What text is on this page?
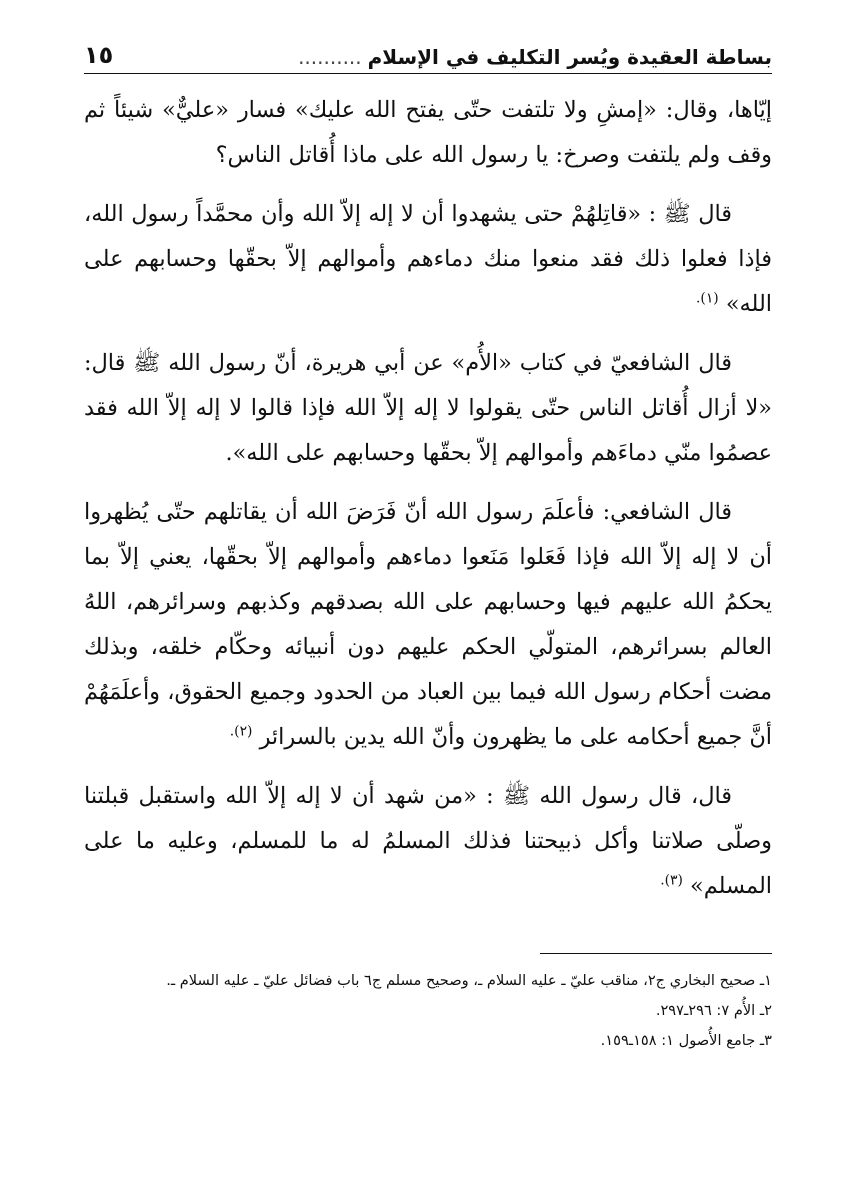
بساطة العقيدة ويُسر التكليف في الإسلام..........
١٥

إيّاها، وقال: «إمشِ ولا تلتفت حتّى يفتح الله عليك» فسار «عليٌّ» شيئاً ثم وقف ولم يلتفت وصرخ: يا رسول الله على ماذا أُقاتل الناس؟

قال ﷺ : «قاتِلهُمْ حتى يشهدوا أن لا إله إلاّ الله وأن محمَّداً رسول الله، فإذا فعلوا ذلك فقد منعوا منك دماءهم وأموالهم إلاّ بحقّها وحسابهم على الله» $^{(١).}$

قال الشافعيّ في كتاب «الأُم» عن أبي هريرة، أنّ رسول الله ﷺ قال: «لا أزال أُقاتل الناس حتّى يقولوا لا إله إلاّ الله فإذا قالوا لا إله إلاّ الله فقد عصمُوا منّي دماءَهم وأموالهم إلاّ بحقّها وحسابهم على الله».

قال الشافعي: فأعلَمَ رسول الله أنّ فَرَضَ الله أن يقاتلهم حتّى يُظهروا أن لا إله إلاّ الله فإذا فَعَلوا مَنَعوا دماءهم وأموالهم إلاّ بحقّها، يعني إلاّ بما يحكمُ الله عليهم فيها وحسابهم على الله بصدقهم وكذبهم وسرائرهم، اللهُ العالم بسرائرهم، المتولّي الحكم عليهم دون أنبيائه وحكّام خلقه، وبذلك مضت أحكام رسول الله فيما بين العباد من الحدود وجميع الحقوق، وأعلَمَهُمْ أنَّ جميع أحكامه على ما يظهرون وأنّ الله يدين بالسرائر $^{(٢).}$

قال، قال رسول الله ﷺ : «من شهد أن لا إله إلاّ الله واستقبل قبلتنا وصلّى صلاتنا وأكل ذبيحتنا فذلك المسلمُ له ما للمسلم، وعليه ما على المسلم» $^{(٣).}$

١ـ صحيح البخاري ج٢، مناقب عليّ ـ عليه السلام ـ، وصحيح مسلم ج٦ باب فضائل عليّ ـ عليه السلام ـ.
٢ـ الأُم ٧: ٢٩٦ـ٢٩٧.
٣ـ جامع الأُصول ١: ١٥٨ـ١٥٩.
